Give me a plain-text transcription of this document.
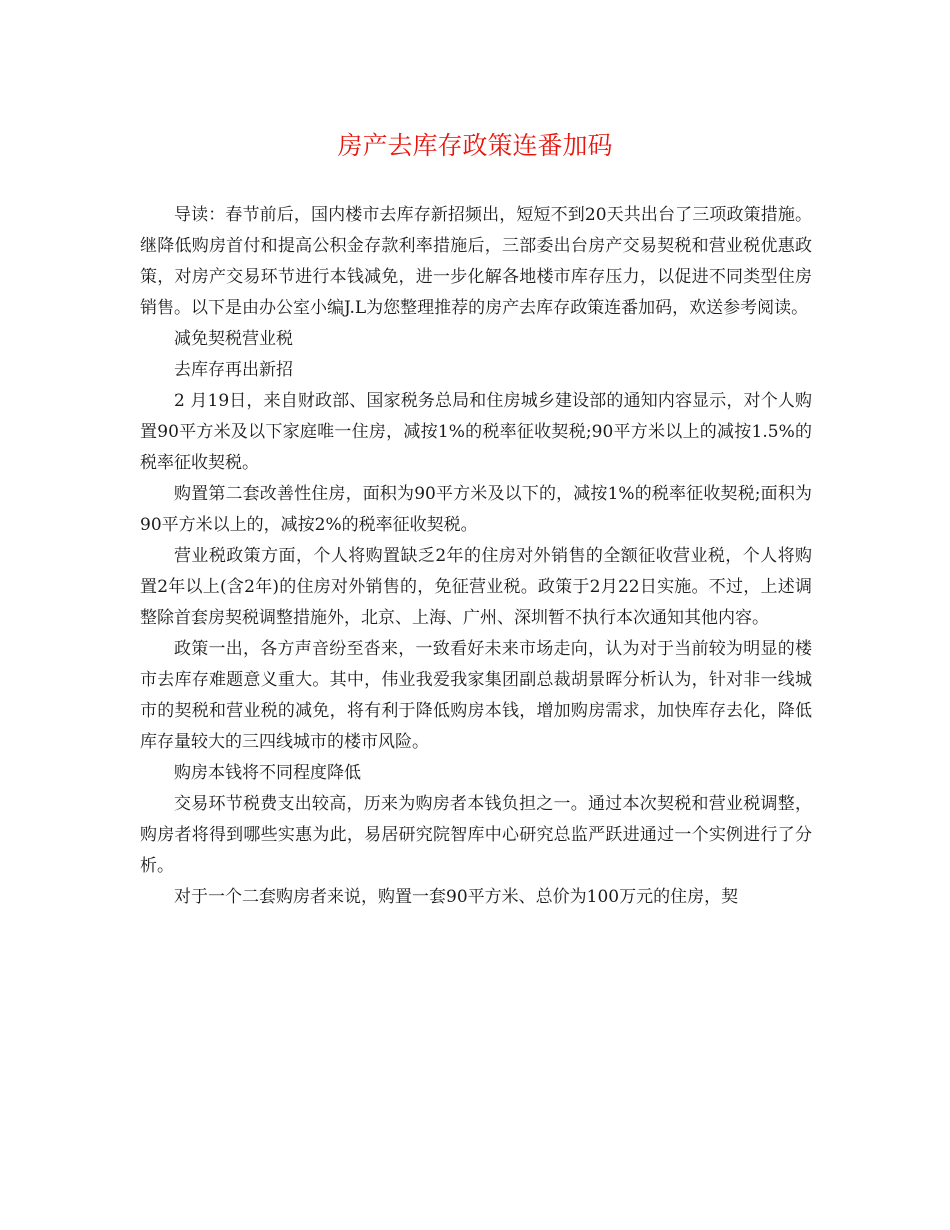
房产去库存政策连番加码

导读：春节前后，国内楼市去库存新招频出，短短不到20天共出台了三项政策措施。继降低购房首付和提高公积金存款利率措施后，三部委出台房产交易契税和营业税优惠政策，对房产交易环节进行本钱减免，进一步化解各地楼市库存压力，以促进不同类型住房销售。以下是由办公室小编J.L为您整理推荐的房产去库存政策连番加码，欢送参考阅读。

减免契税营业税

去库存再出新招

2 月19日，来自财政部、国家税务总局和住房城乡建设部的通知内容显示，对个人购置90平方米及以下家庭唯一住房，减按1%的税率征收契税;90平方米以上的减按1.5%的税率征收契税。

购置第二套改善性住房，面积为90平方米及以下的，减按1%的税率征收契税;面积为90平方米以上的，减按2%的税率征收契税。

营业税政策方面，个人将购置缺乏2年的住房对外销售的全额征收营业税，个人将购置2年以上(含2年)的住房对外销售的，免征营业税。政策于2月22日实施。不过，上述调整除首套房契税调整措施外，北京、上海、广州、深圳暂不执行本次通知其他内容。

政策一出，各方声音纷至沓来，一致看好未来市场走向，认为对于当前较为明显的楼市去库存难题意义重大。其中，伟业我爱我家集团副总裁胡景晖分析认为，针对非一线城市的契税和营业税的减免，将有利于降低购房本钱，增加购房需求，加快库存去化，降低库存量较大的三四线城市的楼市风险。

购房本钱将不同程度降低

交易环节税费支出较高，历来为购房者本钱负担之一。通过本次契税和营业税调整，购房者将得到哪些实惠为此，易居研究院智库中心研究总监严跃进通过一个实例进行了分析。

对于一个二套购房者来说，购置一套90平方米、总价为100万元的住房，契
